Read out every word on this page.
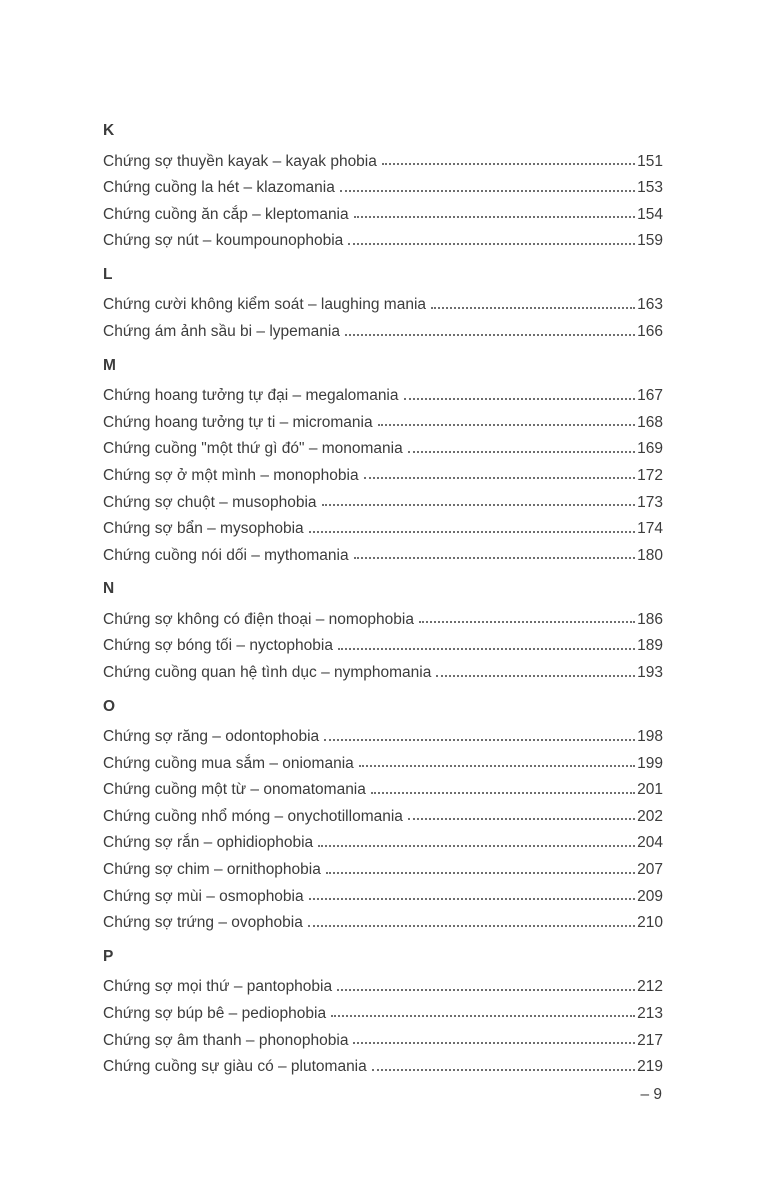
K
Chứng sợ thuyền kayak – kayak phobia	151
Chứng cuồng la hét – klazomania	153
Chứng cuồng ăn cắp – kleptomania	154
Chứng sợ nút – koumpounophobia	159
L
Chứng cười không kiểm soát – laughing mania	163
Chứng ám ảnh sầu bi – lypemania	166
M
Chứng hoang tưởng tự đại – megalomania	167
Chứng hoang tưởng tự ti – micromania	168
Chứng cuồng "một thứ gì đó" – monomania	169
Chứng sợ ở một mình – monophobia	172
Chứng sợ chuột – musophobia	173
Chứng sợ bẩn – mysophobia	174
Chứng cuồng nói dối – mythomania	180
N
Chứng sợ không có điện thoại – nomophobia	186
Chứng sợ bóng tối – nyctophobia	189
Chứng cuồng quan hệ tình dục – nymphomania	193
O
Chứng sợ răng – odontophobia	198
Chứng cuồng mua sắm – oniomania	199
Chứng cuồng một từ – onomatomania	201
Chứng cuồng nhổ móng – onychotillomania	202
Chứng sợ rắn – ophidiophobia	204
Chứng sợ chim – ornithophobia	207
Chứng sợ mùi – osmophobia	209
Chứng sợ trứng – ovophobia	210
P
Chứng sợ mọi thứ – pantophobia	212
Chứng sợ búp bê – pediophobia	213
Chứng sợ âm thanh – phonophobia	217
Chứng cuồng sự giàu có – plutomania	219
– 9
